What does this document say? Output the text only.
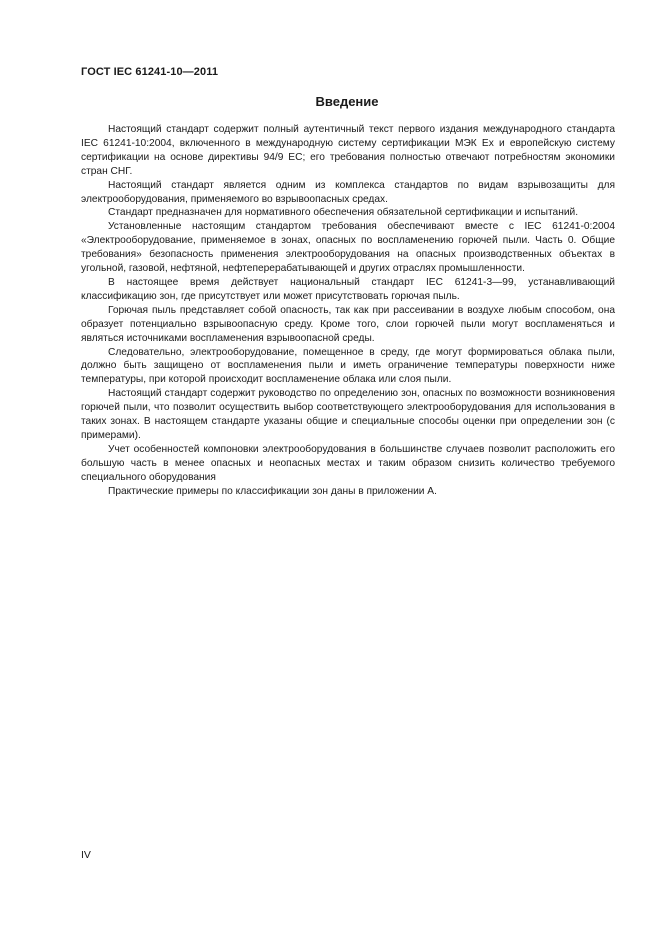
ГОСТ IEC 61241-10—2011
Введение

Настоящий стандарт содержит полный аутентичный текст первого издания международного стандарта IEC 61241-10:2004, включенного в международную систему сертификации МЭК Ех и европейскую систему сертификации на основе директивы 94/9 ЕС; его требования полностью отвечают потребностям экономики стран СНГ.

Настоящий стандарт является одним из комплекса стандартов по видам взрывозащиты для электрооборудования, применяемого во взрывоопасных средах.

Стандарт предназначен для нормативного обеспечения обязательной сертификации и испытаний.

Установленные настоящим стандартом требования обеспечивают вместе с IEC 61241-0:2004 «Электрооборудование, применяемое в зонах, опасных по воспламенению горючей пыли. Часть 0. Общие требования» безопасность применения электрооборудования на опасных производственных объектах в угольной, газовой, нефтяной, нефтеперерабатывающей и других отраслях промышленности.

В настоящее время действует национальный стандарт IEC 61241-3—99, устанавливающий классификацию зон, где присутствует или может присутствовать горючая пыль.

Горючая пыль представляет собой опасность, так как при рассеивании в воздухе любым способом, она образует потенциально взрывоопасную среду. Кроме того, слои горючей пыли могут воспламеняться и являться источниками воспламенения взрывоопасной среды.

Следовательно, электрооборудование, помещенное в среду, где могут формироваться облака пыли, должно быть защищено от воспламенения пыли и иметь ограничение температуры поверхности ниже температуры, при которой происходит воспламенение облака или слоя пыли.

Настоящий стандарт содержит руководство по определению зон, опасных по возможности возникновения горючей пыли, что позволит осуществить выбор соответствующего электрооборудования для использования в таких зонах. В настоящем стандарте указаны общие и специальные способы оценки при определении зон (с примерами).

Учет особенностей компоновки электрооборудования в большинстве случаев позволит расположить его большую часть в менее опасных и неопасных местах и таким образом снизить количество требуемого специального оборудования

Практические примеры по классификации зон даны в приложении А.

IV
